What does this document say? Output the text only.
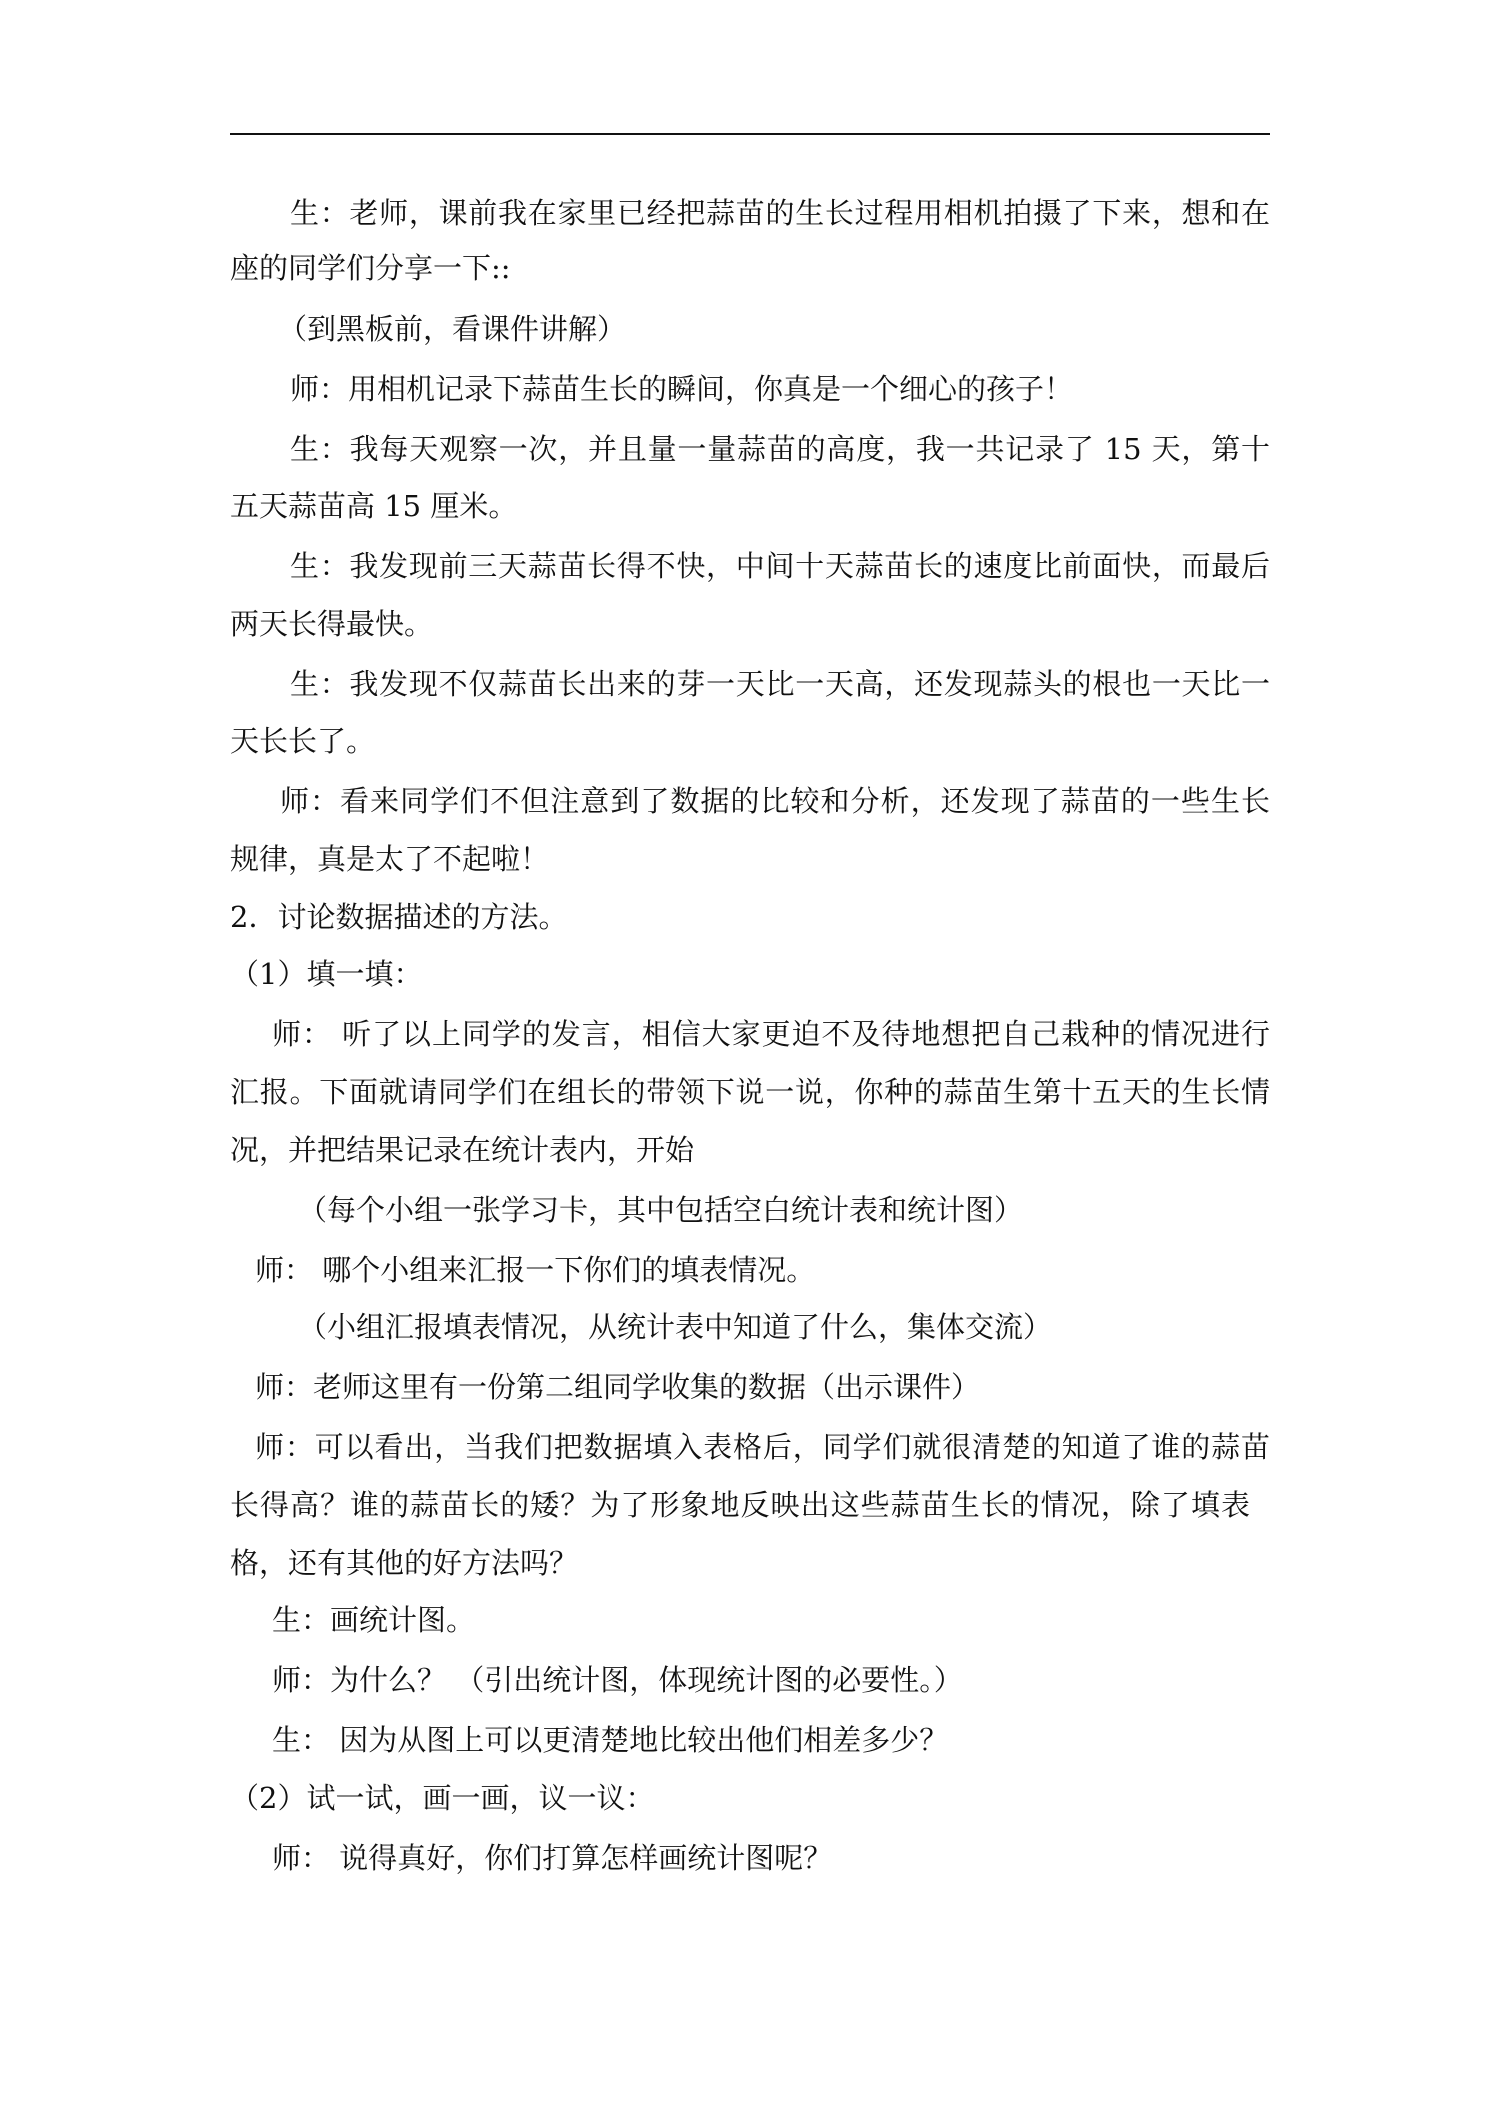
生：老师，课前我在家里已经把蒜苗的生长过程用相机拍摄了下来，想和在
座的同学们分享一下::
（到黑板前，看课件讲解）
师：用相机记录下蒜苗生长的瞬间，你真是一个细心的孩子！
生：我每天观察一次，并且量一量蒜苗的高度，我一共记录了 15 天，第十
五天蒜苗高 15 厘米。
生：我发现前三天蒜苗长得不快，中间十天蒜苗长的速度比前面快，而最后
两天长得最快。
生：我发现不仅蒜苗长出来的芽一天比一天高，还发现蒜头的根也一天比一
天长长了。
师：看来同学们不但注意到了数据的比较和分析，还发现了蒜苗的一些生长
规律，真是太了不起啦！
2．讨论数据描述的方法。
（1）填一填：
师： 听了以上同学的发言，相信大家更迫不及待地想把自己栽种的情况进行
汇报。下面就请同学们在组长的带领下说一说，你种的蒜苗生第十五天的生长情
况，并把结果记录在统计表内，开始
（每个小组一张学习卡，其中包括空白统计表和统计图）
师： 哪个小组来汇报一下你们的填表情况。
（小组汇报填表情况，从统计表中知道了什么，集体交流）
师：老师这里有一份第二组同学收集的数据（出示课件）
师：可以看出，当我们把数据填入表格后，同学们就很清楚的知道了谁的蒜苗
长得高？谁的蒜苗长的矮？为了形象地反映出这些蒜苗生长的情况，除了填表
格，还有其他的好方法吗？
生：画统计图。
师：为什么？ （引出统计图，体现统计图的必要性。）
生： 因为从图上可以更清楚地比较出他们相差多少？
（2）试一试，画一画，议一议：
师： 说得真好，你们打算怎样画统计图呢？
